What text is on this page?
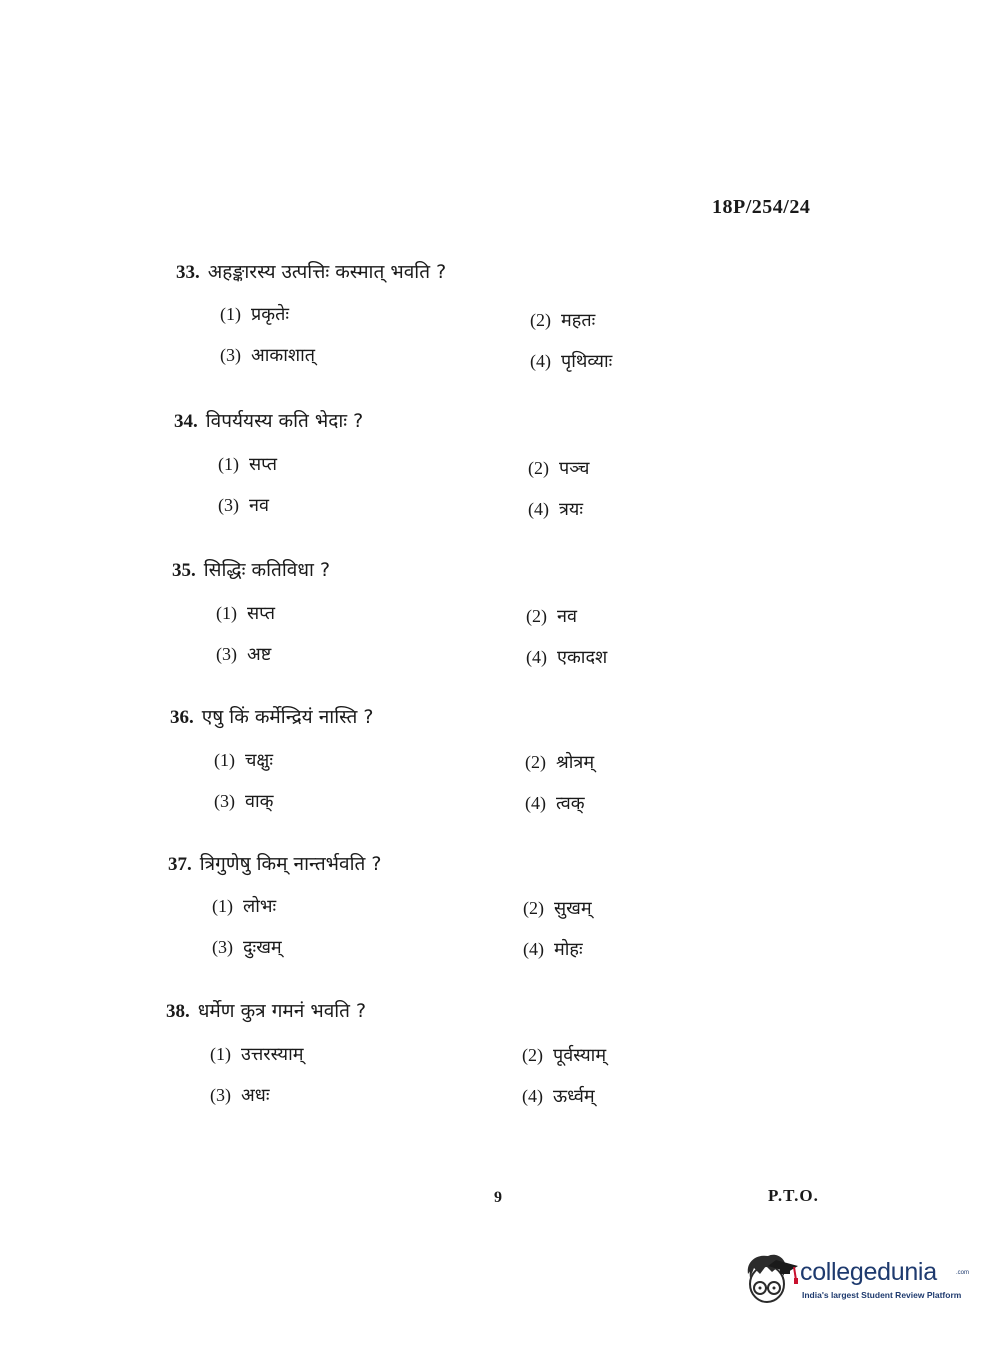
18P/254/24
33. अहङ्कारस्य उत्पत्तिः कस्मात् भवति ?
(1) प्रकृतेः	(2) महतः
(3) आकाशात्	(4) पृथिव्याः
34. विपर्ययस्य कति भेदाः ?
(1) सप्त	(2) पञ्च
(3) नव	(4) त्रयः
35. सिद्धिः कतिविधा ?
(1) सप्त	(2) नव
(3) अष्ट	(4) एकादश
36. एषु किं कर्मेन्द्रियं नास्ति ?
(1) चक्षुः	(2) श्रोत्रम्
(3) वाक्	(4) त्वक्
37. त्रिगुणेषु किम् नान्तर्भवति ?
(1) लोभः	(2) सुखम्
(3) दुःखम्	(4) मोहः
38. धर्मेण कुत्र गमनं भवति ?
(1) उत्तरस्याम्	(2) पूर्वस्याम्
(3) अधः	(4) ऊर्ध्वम्
9	P.T.O.
collegedunia	.com
India's largest Student Review Platform
